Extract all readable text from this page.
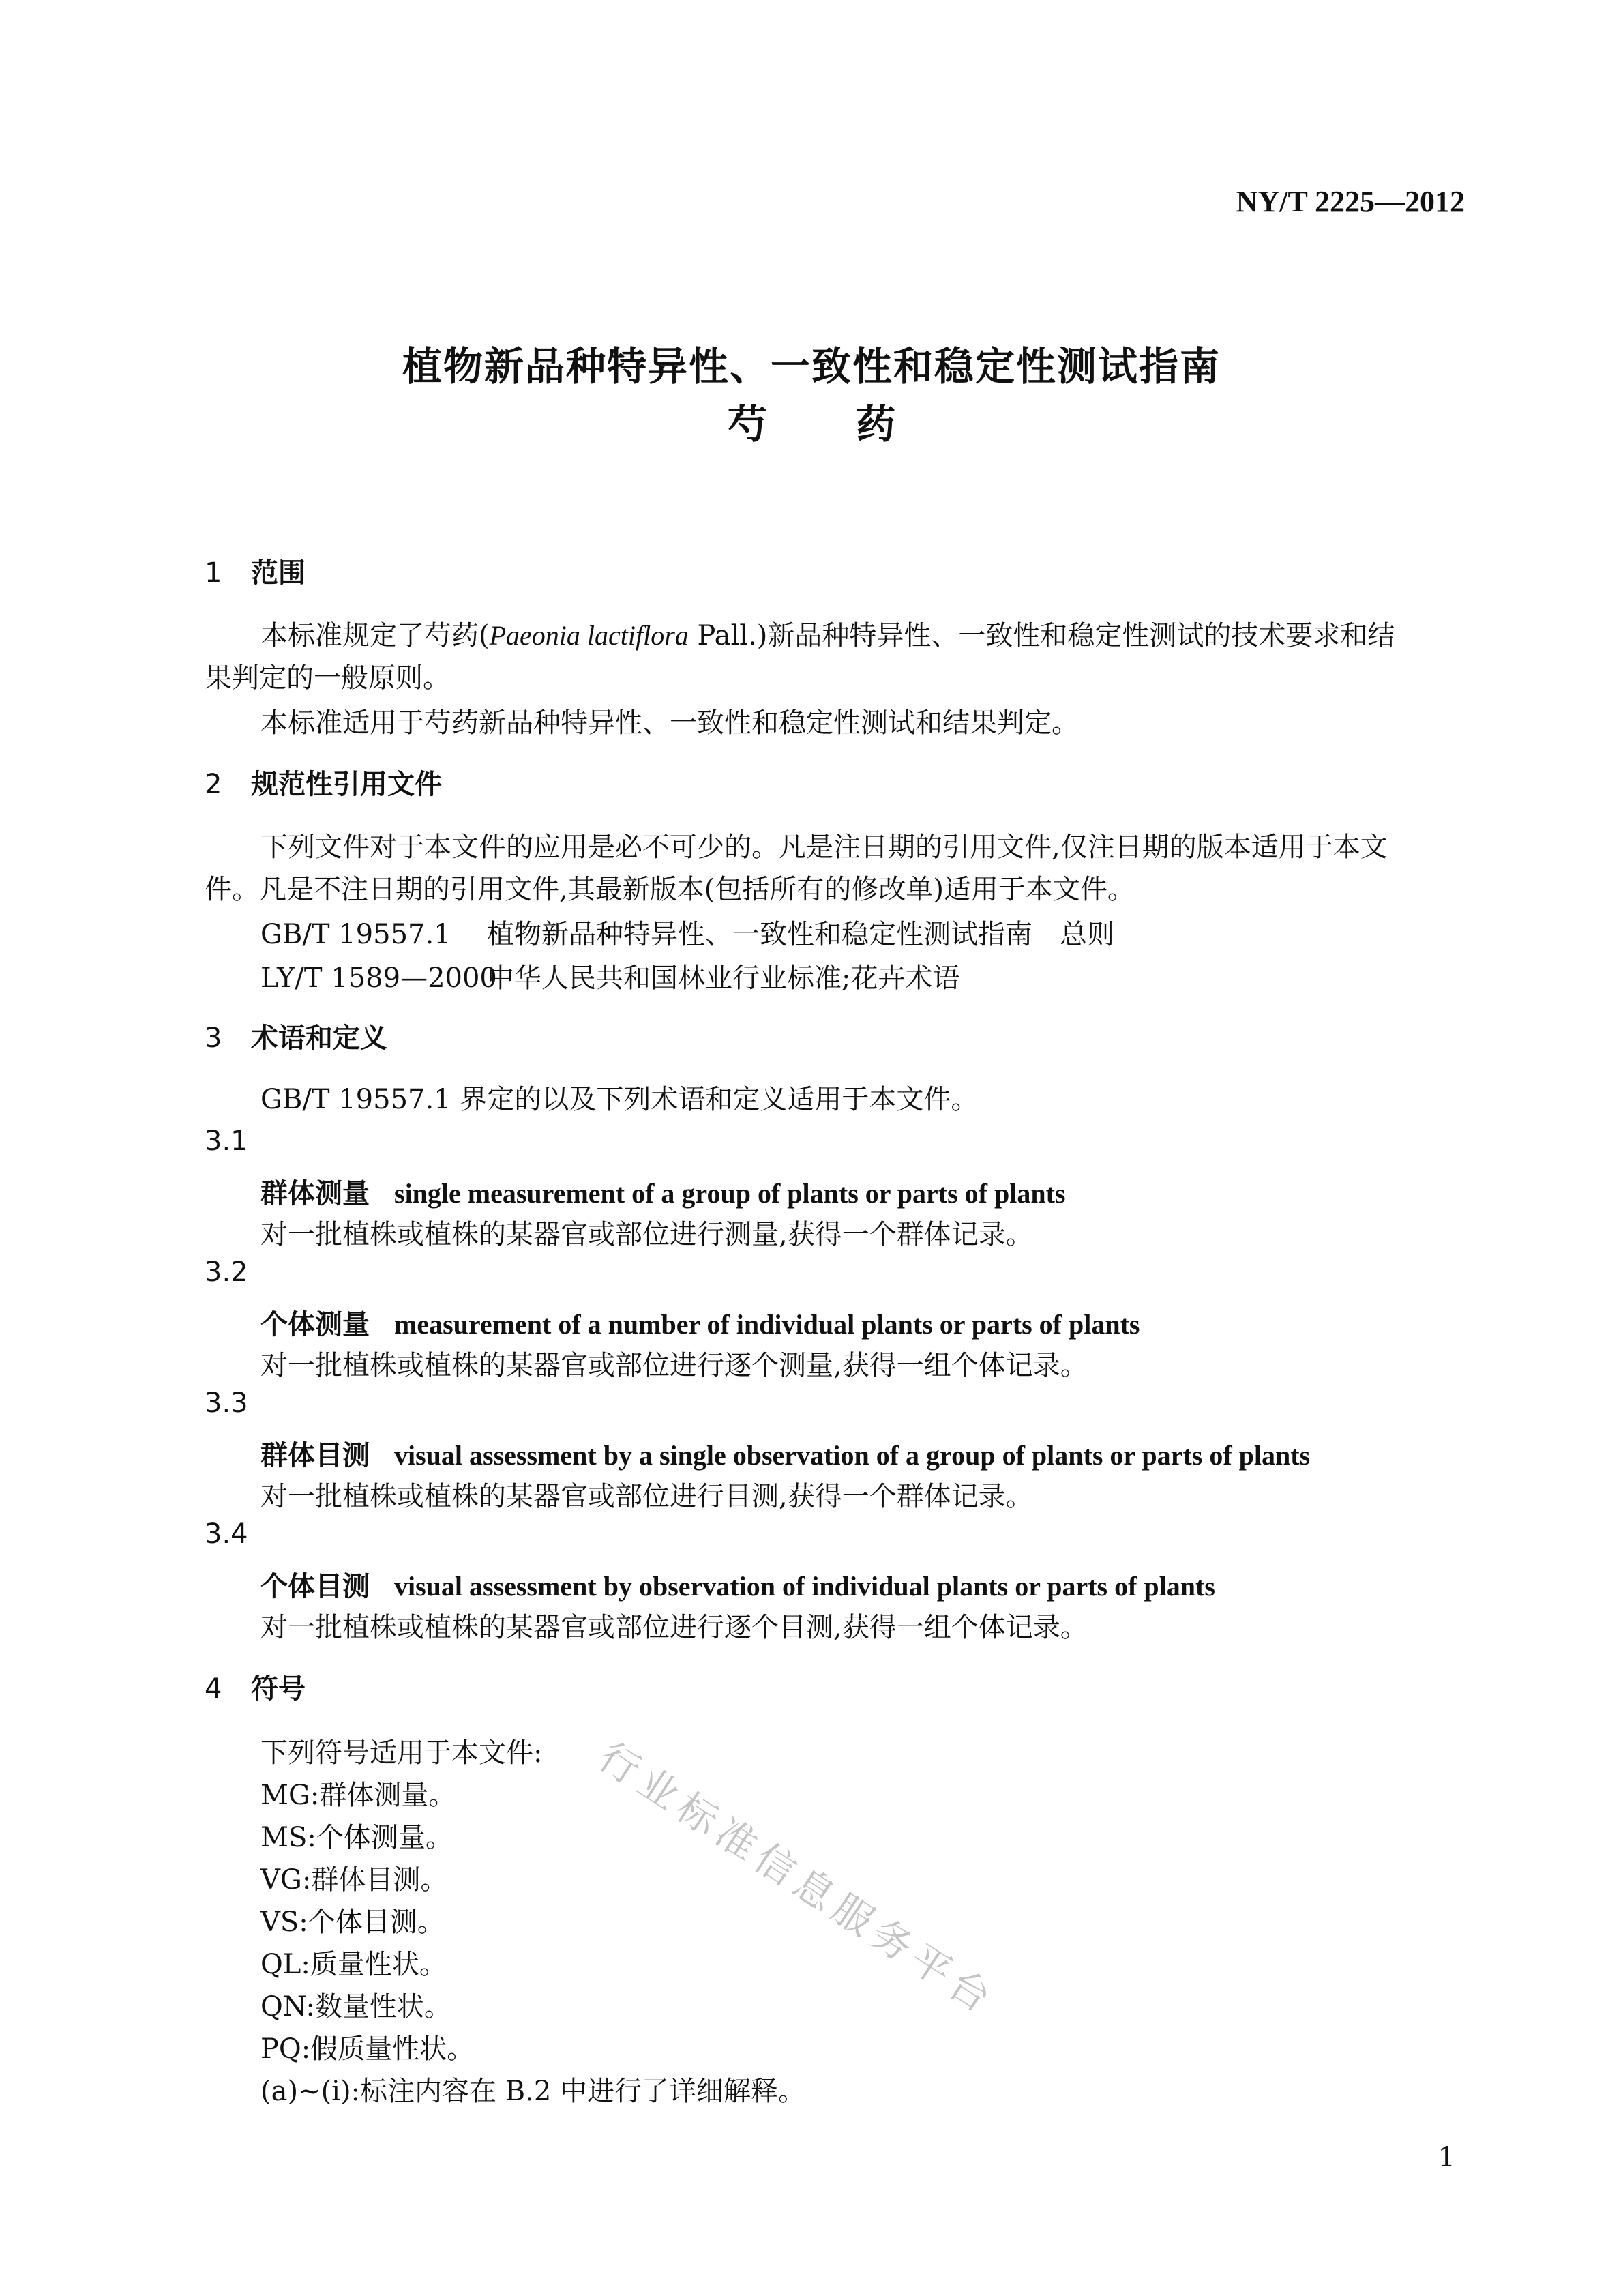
NY/T 2225—2012
植物新品种特异性、一致性和稳定性测试指南
芍 药
1 范围
本标准规定了芍药(Paeonia lactiflora Pall.)新品种特异性、一致性和稳定性测试的技术要求和结
果判定的一般原则。
本标准适用于芍药新品种特异性、一致性和稳定性测试和结果判定。
2 规范性引用文件
下列文件对于本文件的应用是必不可少的。凡是注日期的引用文件,仅注日期的版本适用于本文
件。凡是不注日期的引用文件,其最新版本(包括所有的修改单)适用于本文件。
GB/T 19557.1 植物新品种特异性、一致性和稳定性测试指南　总则
LY/T 1589—2000中华人民共和国林业行业标准;花卉术语
3 术语和定义
GB/T 19557.1 界定的以及下列术语和定义适用于本文件。
3.1
群体测量 single measurement of a group of plants or parts of plants
对一批植株或植株的某器官或部位进行测量,获得一个群体记录。
3.2
个体测量 measurement of a number of individual plants or parts of plants
对一批植株或植株的某器官或部位进行逐个测量,获得一组个体记录。
3.3
群体目测 visual assessment by a single observation of a group of plants or parts of plants
对一批植株或植株的某器官或部位进行目测,获得一个群体记录。
3.4
个体目测 visual assessment by observation of individual plants or parts of plants
对一批植株或植株的某器官或部位进行逐个目测,获得一组个体记录。
4 符号
下列符号适用于本文件:
MG:群体测量。
MS:个体测量。
VG:群体目测。
VS:个体目测。
QL:质量性状。
QN:数量性状。
PQ:假质量性状。
(a)~(i):标注内容在 B.2 中进行了详细解释。
行业标准信息服务平台
1
